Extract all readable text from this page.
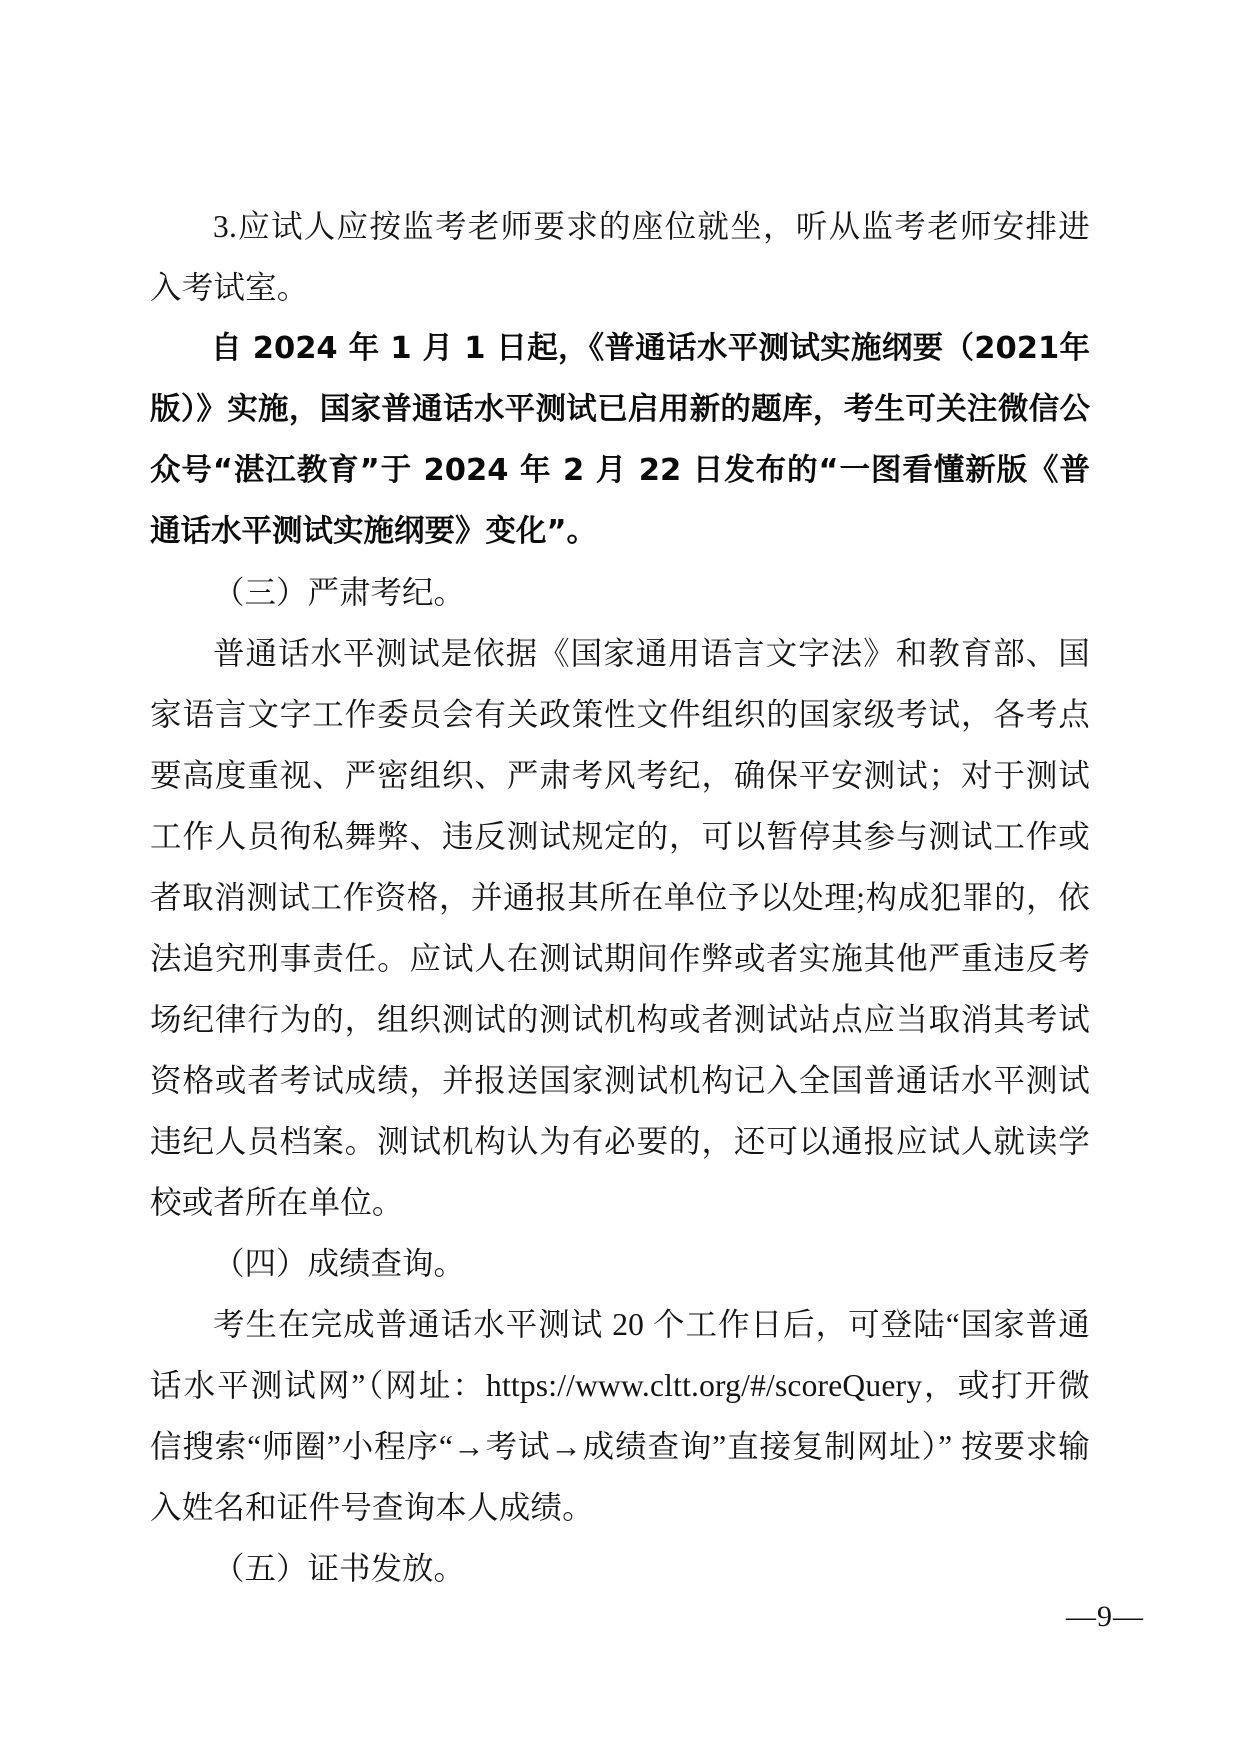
3.应试人应按监考老师要求的座位就坐，听从监考老师安排进入考试室。

自 2024 年 1 月 1 日起，《普通话水平测试实施纲要（2021年版）》实施，国家普通话水平测试已启用新的题库，考生可关注微信公众号“湛江教育”于 2024 年 2 月 22 日发布的“一图看懂新版《普通话水平测试实施纲要》变化”。

（三）严肃考纪。

普通话水平测试是依据《国家通用语言文字法》和教育部、国家语言文字工作委员会有关政策性文件组织的国家级考试，各考点要高度重视、严密组织、严肃考风考纪，确保平安测试；对于测试工作人员徇私舞弊、违反测试规定的，可以暂停其参与测试工作或者取消测试工作资格，并通报其所在单位予以处理;构成犯罪的，依法追究刑事责任。应试人在测试期间作弊或者实施其他严重违反考场纪律行为的，组织测试的测试机构或者测试站点应当取消其考试资格或者考试成绩，并报送国家测试机构记入全国普通话水平测试违纪人员档案。测试机构认为有必要的，还可以通报应试人就读学校或者所在单位。

（四）成绩查询。

考生在完成普通话水平测试 20 个工作日后，可登陆“国家普通话水平测试网”（网址：https://www.cltt.org/#/scoreQuery，或打开微信搜索“师圈”小程序“→考试→成绩查询”直接复制网址）” 按要求输入姓名和证件号查询本人成绩。

（五）证书发放。

—9—
